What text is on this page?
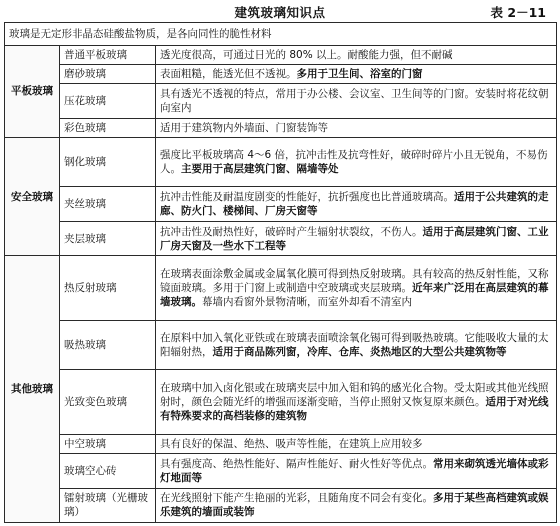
建筑玻璃知识点	表 2－11
玻璃是无定形非晶态硅酸盐物质，是各向同性的脆性材料		
平板玻璃	普通平板玻璃	透光度很高，可通过日光的 80% 以上。耐酸能力强，但不耐碱
	磨砂玻璃	表面粗糙，能透光但不透视。多用于卫生间、浴室的门窗
	压花玻璃	具有透光不透视的特点，常用于办公楼、会议室、卫生间等的门窗。安装时将花纹朝向室内
	彩色玻璃	适用于建筑物内外墙面、门窗装饰等
安全玻璃	钢化玻璃	强度比平板玻璃高 4～6 倍，抗冲击性及抗弯性好，破碎时碎片小且无锐角，不易伤人。主要用于高层建筑门窗、隔墙等处
	夹丝玻璃	抗冲击性能及耐温度剧变的性能好，抗折强度也比普通玻璃高。适用于公共建筑的走廊、防火门、楼梯间、厂房天窗等
	夹层玻璃	抗冲击性及耐热性好，破碎时产生辐射状裂纹，不伤人。适用于高层建筑门窗、工业厂房天窗及一些水下工程等
其他玻璃	热反射玻璃	在玻璃表面涂敷金属或金属氧化膜可得到热反射玻璃。具有较高的热反射性能，又称镜面玻璃。多用于门窗上或制造中空玻璃或夹层玻璃。近年来广泛用在高层建筑的幕墙玻璃。幕墙内看窗外景物清晰，而室外却看不清室内
	吸热玻璃	在原料中加入氧化亚铁或在玻璃表面喷涂氧化锡可得到吸热玻璃。它能吸收大量的太阳辐射热，适用于商品陈列窗，冷库、仓库、炎热地区的大型公共建筑物等
	光致变色玻璃	在玻璃中加入卤化银或在玻璃夹层中加入钼和钨的感光化合物。受太阳或其他光线照射时，颜色会随光纤的增强而逐渐变暗，当停止照射又恢复原来颜色。适用于对光线有特殊要求的高档装修的建筑物
	中空玻璃	具有良好的保温、绝热、吸声等性能，在建筑上应用较多
	玻璃空心砖	具有强度高、绝热性能好、隔声性能好、耐火性好等优点。常用来砌筑透光墙体或彩灯地面等
	镭射玻璃（光栅玻璃）	在光线照射下能产生艳丽的光彩，且随角度不同会有变化。多用于某些高档建筑或娱乐建筑的墙面或装饰
